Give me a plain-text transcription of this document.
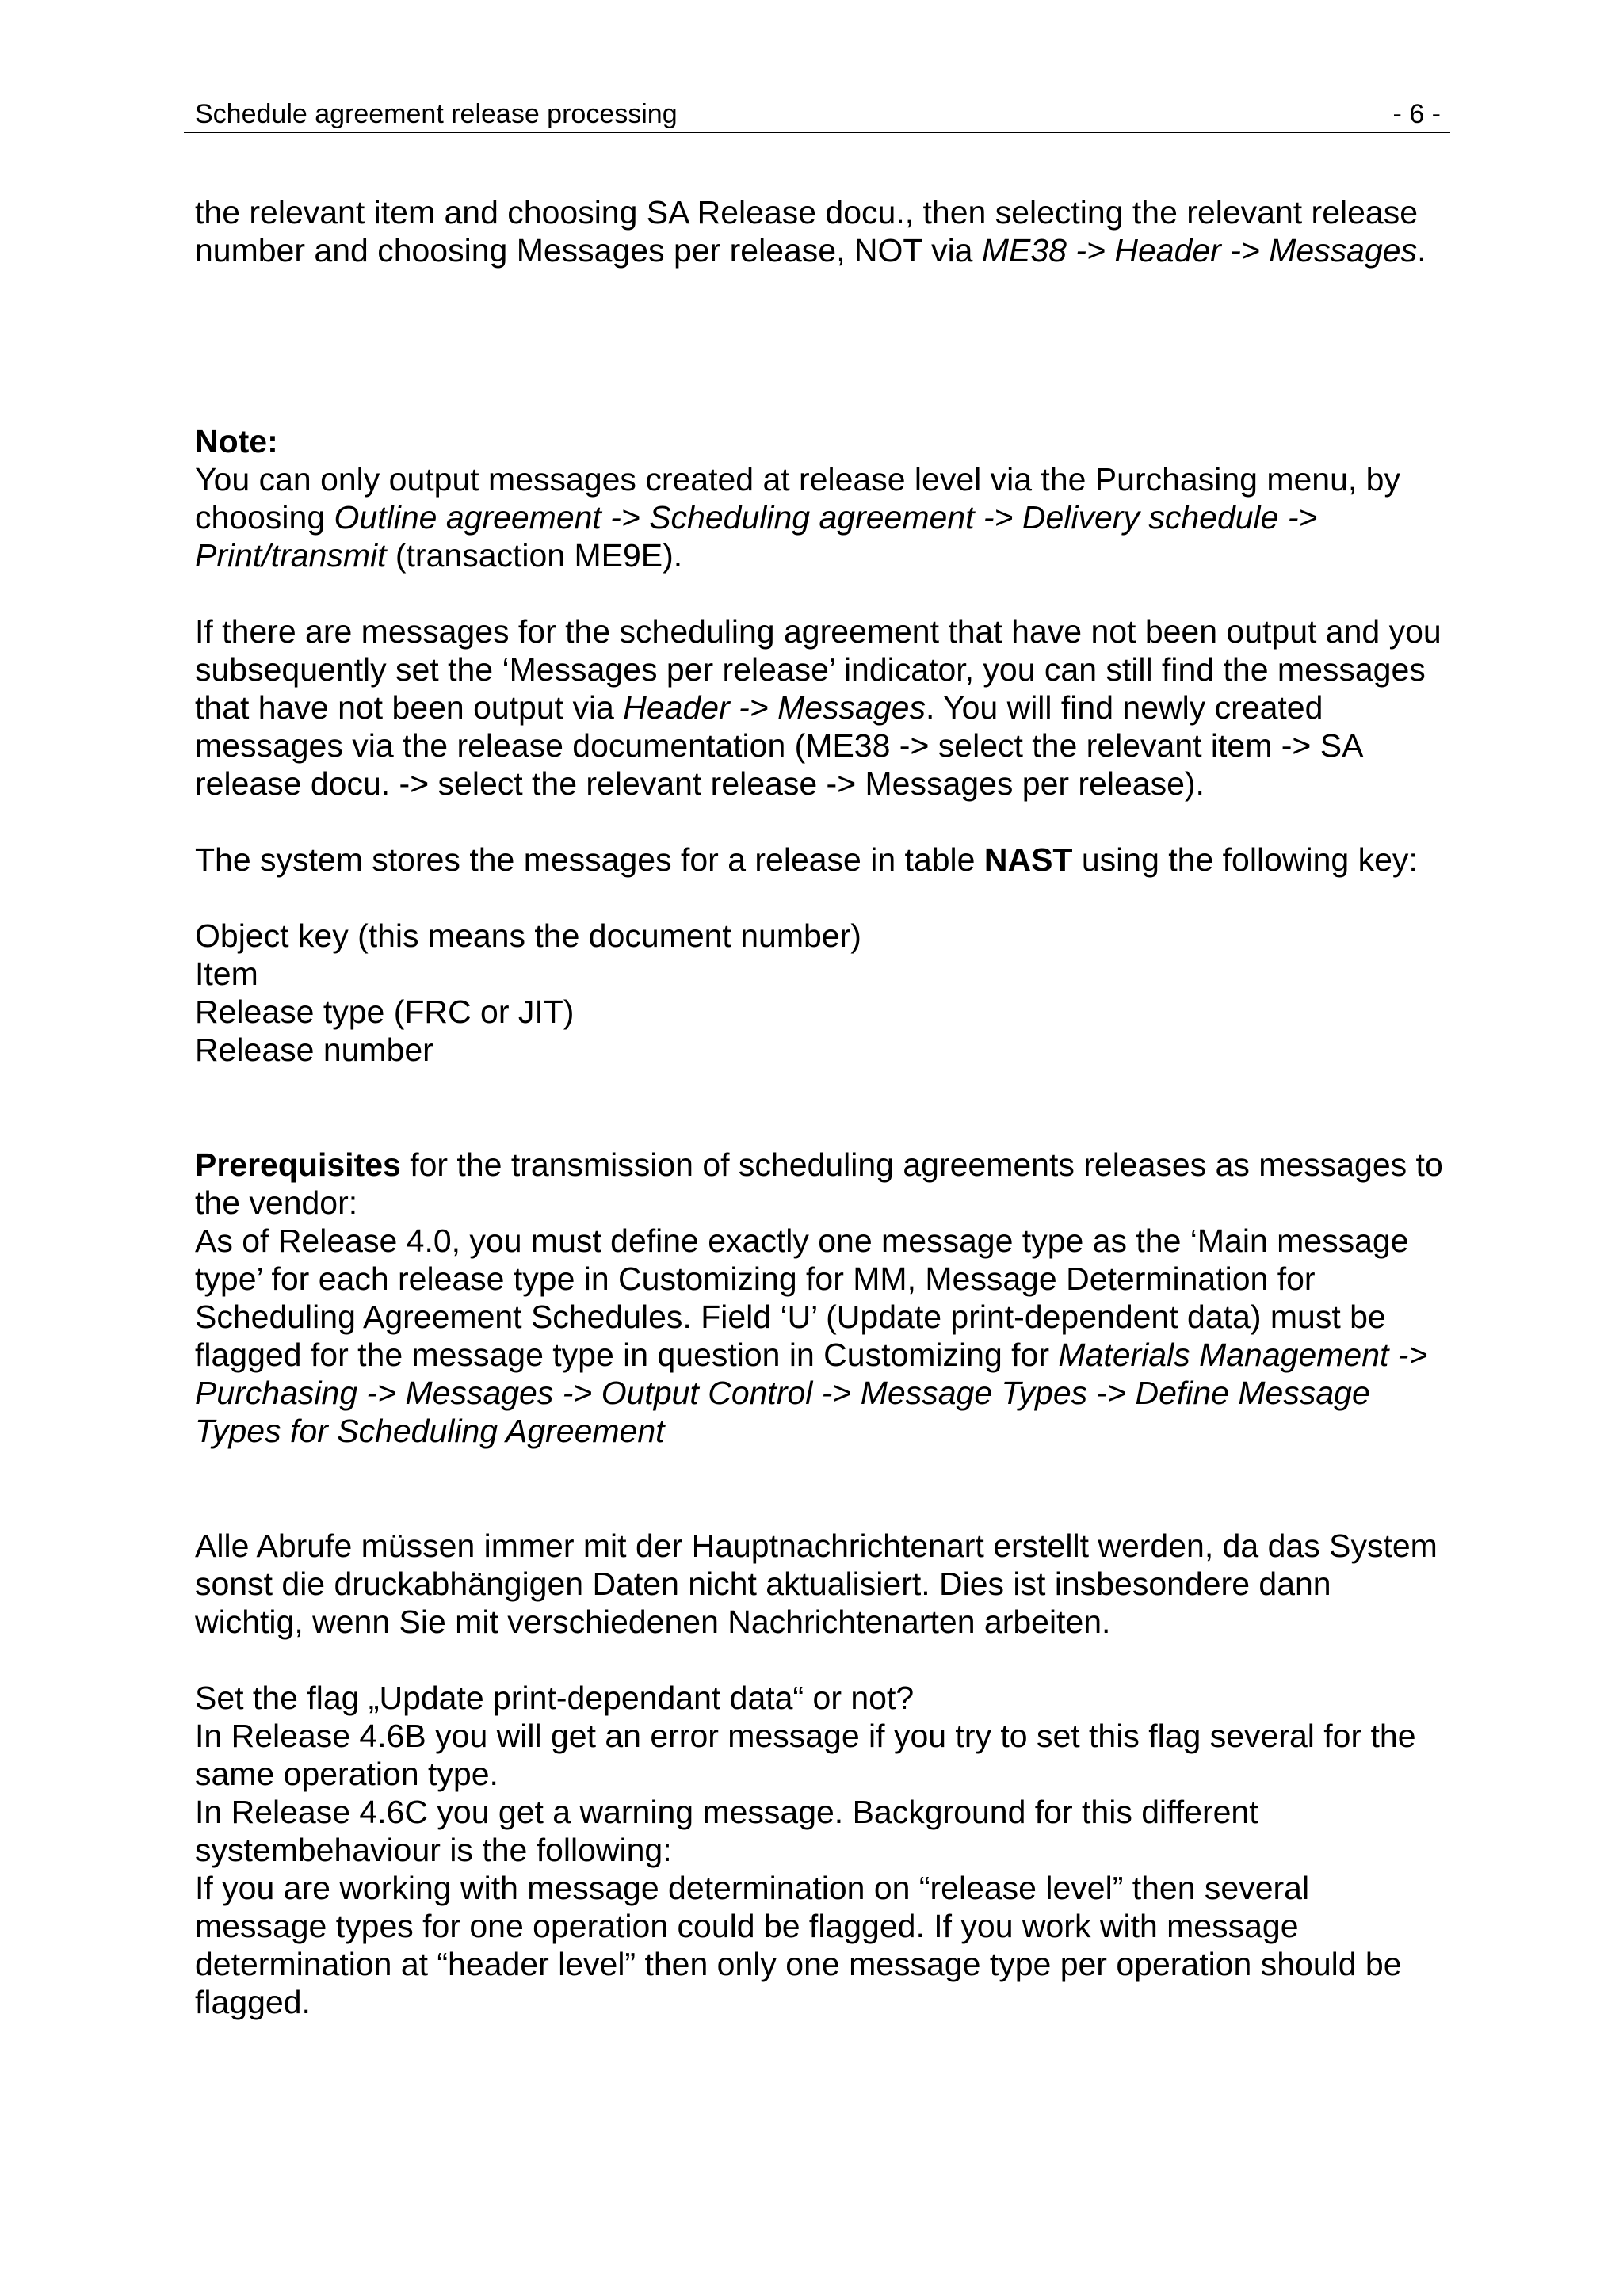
Schedule agreement release processing	- 6 -

the relevant item and choosing SA Release docu., then selecting the relevant release number and choosing Messages per release, NOT via ME38 -> Header -> Messages.

Note:

You can only output messages created at release level via the Purchasing menu, by choosing Outline agreement -> Scheduling agreement -> Delivery schedule -> Print/transmit (transaction ME9E).

If there are messages for the scheduling agreement that have not been output and you subsequently set the ‘Messages per release’ indicator, you can still find the messages that have not been output via Header -> Messages. You will find newly created messages via the release documentation (ME38 -> select the relevant item -> SA release docu. -> select the relevant release -> Messages per release).

The system stores the messages for a release in table NAST using the following key:

Object key (this means the document number)

Item

Release type (FRC or JIT)

Release number

Prerequisites for the transmission of scheduling agreements releases as messages to the vendor:

As of Release 4.0, you must define exactly one message type as the ‘Main message type’ for each release type in Customizing for MM, Message Determination for Scheduling Agreement Schedules. Field ‘U’ (Update print-dependent data) must be flagged for the message type in question in Customizing for Materials Management -> Purchasing -> Messages -> Output Control -> Message Types -> Define Message Types for Scheduling Agreement

Alle Abrufe müssen immer mit der Hauptnachrichtenart erstellt werden, da das System sonst die druckabhängigen Daten nicht aktualisiert. Dies ist insbesondere dann wichtig, wenn Sie mit verschiedenen Nachrichtenarten arbeiten.

Set the flag „Update print-dependant data“ or not?

In Release 4.6B you will get an error message if you try to set this flag several for the same operation type.

In Release 4.6C you get a warning message. Background for this different systembehaviour is the following:

If you are working with message determination on “release level” then several message types for one operation could be flagged. If you work with message determination at “header level” then only one message type per operation should be flagged.
